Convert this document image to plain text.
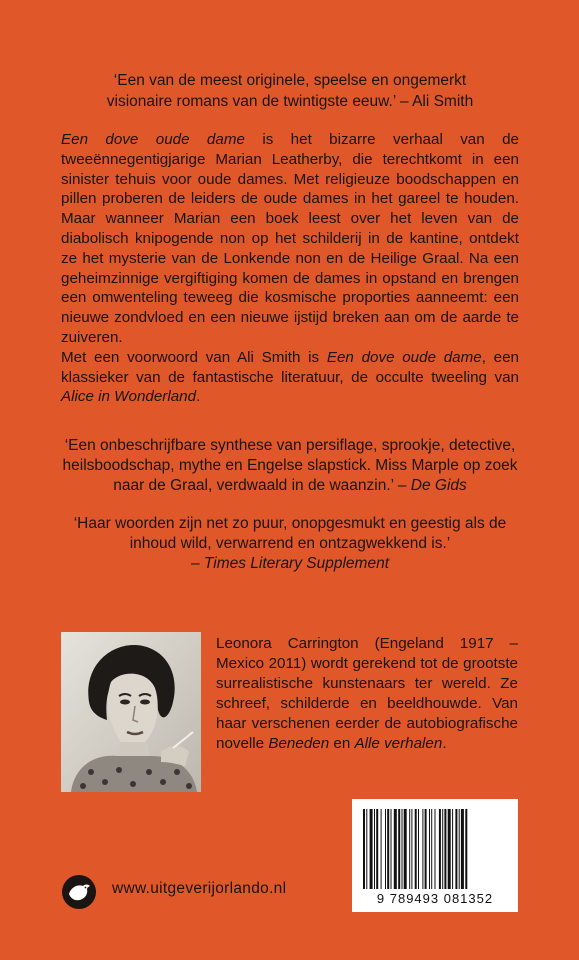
‘Een van de meest originele, speelse en ongemerkt
visionaire romans van de twintigste eeuw.’ – Ali Smith

Een dove oude dame is het bizarre verhaal van de tweeënnegentigjarige Marian Leatherby, die terechtkomt in een sinister tehuis voor oude dames. Met religieuze boodschappen en pillen proberen de leiders de oude dames in het gareel te houden. Maar wanneer Marian een boek leest over het leven van de diabolisch knipogende non op het schilderij in de kantine, ontdekt ze het mysterie van de Lonkende non en de Heilige Graal. Na een geheimzinnige vergiftiging komen de dames in opstand en brengen een omwenteling teweeg die kosmische proporties aanneemt: een nieuwe zondvloed en een nieuwe ijstijd breken aan om de aarde te zuiveren.

Met een voorwoord van Ali Smith is Een dove oude dame, een klassieker van de fantastische literatuur, de occulte tweeling van Alice in Wonderland.

‘Een onbeschrijfbare synthese van persiflage, sprookje, detective, heilsboodschap, mythe en Engelse slapstick. Miss Marple op zoek naar de Graal, verdwaald in de waanzin.’ – De Gids

‘Haar woorden zijn net zo puur, onopgesmukt en geestig als de inhoud wild, verwarrend en ontzagwekkend is.’
– Times Literary Supplement

Leonora Carrington (Engeland 1917 – Mexico 2011) wordt gerekend tot de grootste surrealistische kunstenaars ter wereld. Ze schreef, schilderde en beeldhouwde. Van haar verschenen eerder de autobiografische novelle Beneden en Alle verhalen.

9 789493 081352
www.uitgeverijorlando.nl
